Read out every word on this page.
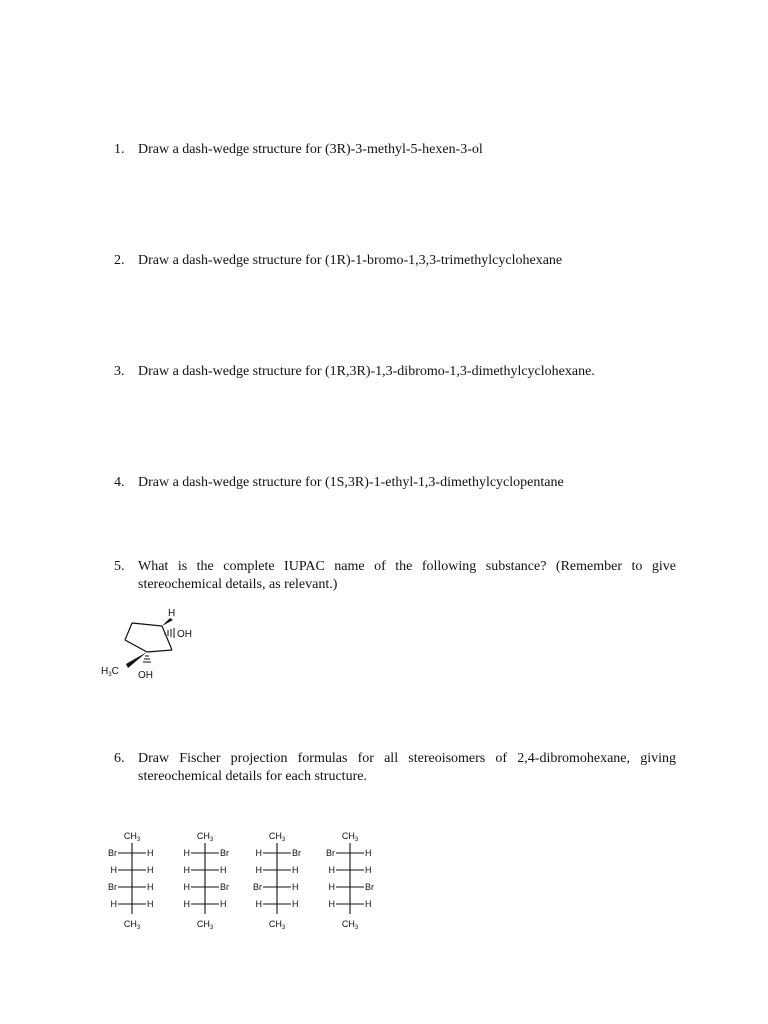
1. Draw a dash-wedge structure for (3R)-3-methyl-5-hexen-3-ol
2. Draw a dash-wedge structure for (1R)-1-bromo-1,3,3-trimethylcyclohexane
3. Draw a dash-wedge structure for (1R,3R)-1,3-dibromo-1,3-dimethylcyclohexane.
4. Draw a dash-wedge structure for (1S,3R)-1-ethyl-1,3-dimethylcyclopentane
5. What is the complete IUPAC name of the following substance? (Remember to give stereochemical details, as relevant.)
H
OH
$H_3C$ OH
6. Draw Fischer projection formulas for all stereoisomers of 2,4-dibromohexane, giving stereochemical details for each structure.
$CH_3$
$CH_3$
Br	H
H	H
Br	H
H	H
$CH_3$
$CH_3$
H	Br
H	H
H	Br
H	H
$CH_3$
$CH_3$
H	Br
H	H
Br	H
H	H
$CH_3$
$CH_3$
Br	H
H	H
H	Br
H	H
